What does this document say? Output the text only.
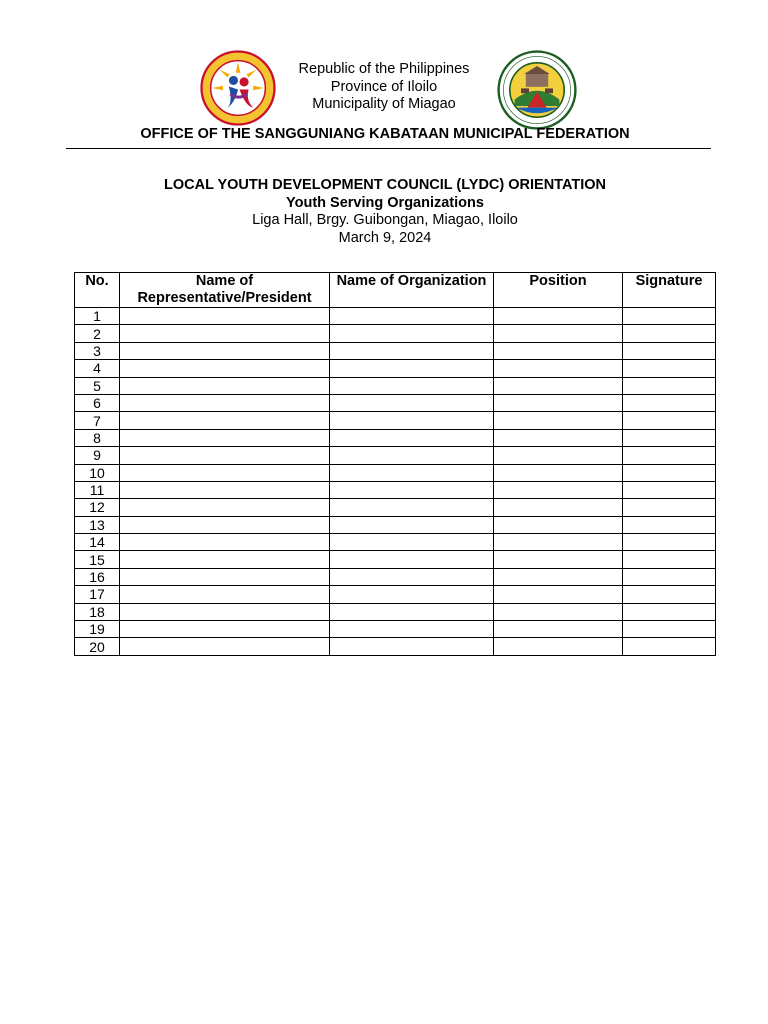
Republic of the Philippines
Province of Iloilo
Municipality of Miagao
OFFICE OF THE SANGGUNIANG KABATAAN MUNICIPAL FEDERATION
LOCAL YOUTH DEVELOPMENT COUNCIL (LYDC) ORIENTATION
Youth Serving Organizations
Liga Hall, Brgy. Guibongan, Miagao, Iloilo
March 9, 2024
No.	Name of Representative/President	Name of Organization	Position	Signature
1				
2				
3				
4				
5				
6				
7				
8				
9				
10				
11				
12				
13				
14				
15				
16				
17				
18				
19				
20				
